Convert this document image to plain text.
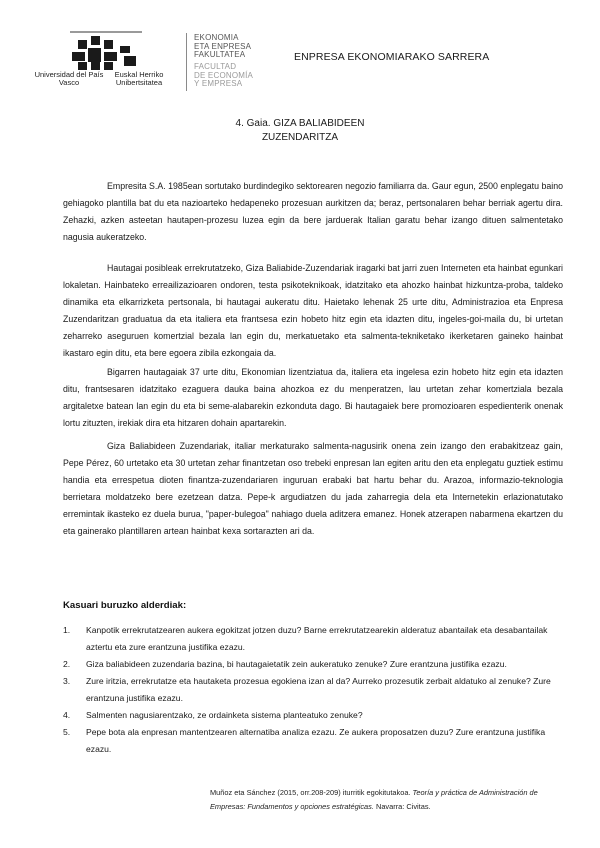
Universidad del País Vasco
Euskal Herriko Unibertsitatea
EKONOMIA
ETA ENPRESA
FAKULTATEA
FACULTAD
DE ECONOMÍA
Y EMPRESA
ENPRESA EKONOMIARAKO SARRERA
4. Gaia. GIZA BALIABIDEEN
ZUZENDARITZA
Empresita S.A. 1985ean sortutako burdindegiko sektorearen negozio familiarra da. Gaur egun, 2500 enplegatu baino gehiagoko plantilla bat du eta nazioarteko hedapeneko prozesuan aurkitzen da; beraz, pertsonalaren behar berriak agertu dira. Zehazki, azken asteetan hautapen-prozesu luzea egin da bere jarduerak Italian garatu behar izango dituen salmentetako nagusia aukeratzeko.
Hautagai posibleak errekrutatzeko, Giza Baliabide-Zuzendariak iragarki bat jarri zuen Interneten eta hainbat egunkari lokaletan. Hainbateko erreailizazioaren ondoren, testa psikoteknikoak, idatzitako eta ahozko hainbat hizkuntza-proba, taldeko dinamika eta elkarrizketa pertsonala, bi hautagai aukeratu ditu. Haietako lehenak 25 urte ditu, Administrazioa eta Enpresa Zuzendaritzan graduatua da eta italiera eta frantsesa ezin hobeto hitz egin eta idazten ditu, ingeles-goi-maila du, bi urtetan zeharreko aseguruen komertzial bezala lan egin du, merkatuetako eta salmenta-tekniketako ikerketaren gaineko hainbat ikastaro egin ditu, eta bere egoera zibila ezkongaia da.
Bigarren hautagaiak 37 urte ditu, Ekonomian lizentziatua da, italiera eta ingelesa ezin hobeto hitz egin eta idazten ditu, frantsesaren idatzitako ezaguera dauka baina ahozkoa ez du menperatzen, lau urtetan zehar komertziala bezala argitaletxe batean lan egin du eta bi seme-alabarekin ezkonduta dago. Bi hautagaiek bere promozioaren espedienterik onenak lortu zituzten, irekiak dira eta hitzaren dohain apartarekin.
Giza Baliabideen Zuzendariak, italiar merkaturako salmenta-nagusirik onena zein izango den erabakitzeaz gain, Pepe Pérez, 60 urtetako eta 30 urtetan zehar finantzetan oso trebeki enpresan lan egiten aritu den eta enplegatu guztiek estimu handia eta errespetua dioten finantza-zuzendariaren inguruan erabaki bat hartu behar du. Arazoa, informazio-teknologia berrietara moldatzeko bere ezetzean datza. Pepe-k argudiatzen du jada zaharregia dela eta Internetekin erlazionatutako erremintak ikasteko ez duela burua, "paper-bulegoa" nahiago duela aditzera emanez. Honek atzerapen nabarmena ekartzen du eta gainerako plantillaren artean hainbat kexa sortarazten ari da.
Kasuari buruzko alderdiak:
1. Kanpotik errekrutatzearen aukera egokitzat jotzen duzu? Barne errekrutatzearekin alderatuz abantailak eta desabantailak aztertu eta zure erantzuna justifika ezazu.
2. Giza baliabideen zuzendaria bazina, bi hautagaietatik zein aukeratuko zenuke? Zure erantzuna justifika ezazu.
3. Zure iritzia, errekrutatze eta hautaketa prozesua egokiena izan al da? Aurreko prozesutik zerbait aldatuko al zenuke? Zure erantzuna justifika ezazu.
4. Salmenten nagusiarentzako, ze ordainketa sistema planteatuko zenuke?
5. Pepe bota ala enpresan mantentzearen alternatiba analiza ezazu. Ze aukera proposatzen duzu? Zure erantzuna justifika ezazu.
Muñoz eta Sánchez (2015, orr.208-209) iturritik egokitutakoa. Teoría y práctica de Administración de Empresas: Fundamentos y opciones estratégicas. Navarra: Civitas.
